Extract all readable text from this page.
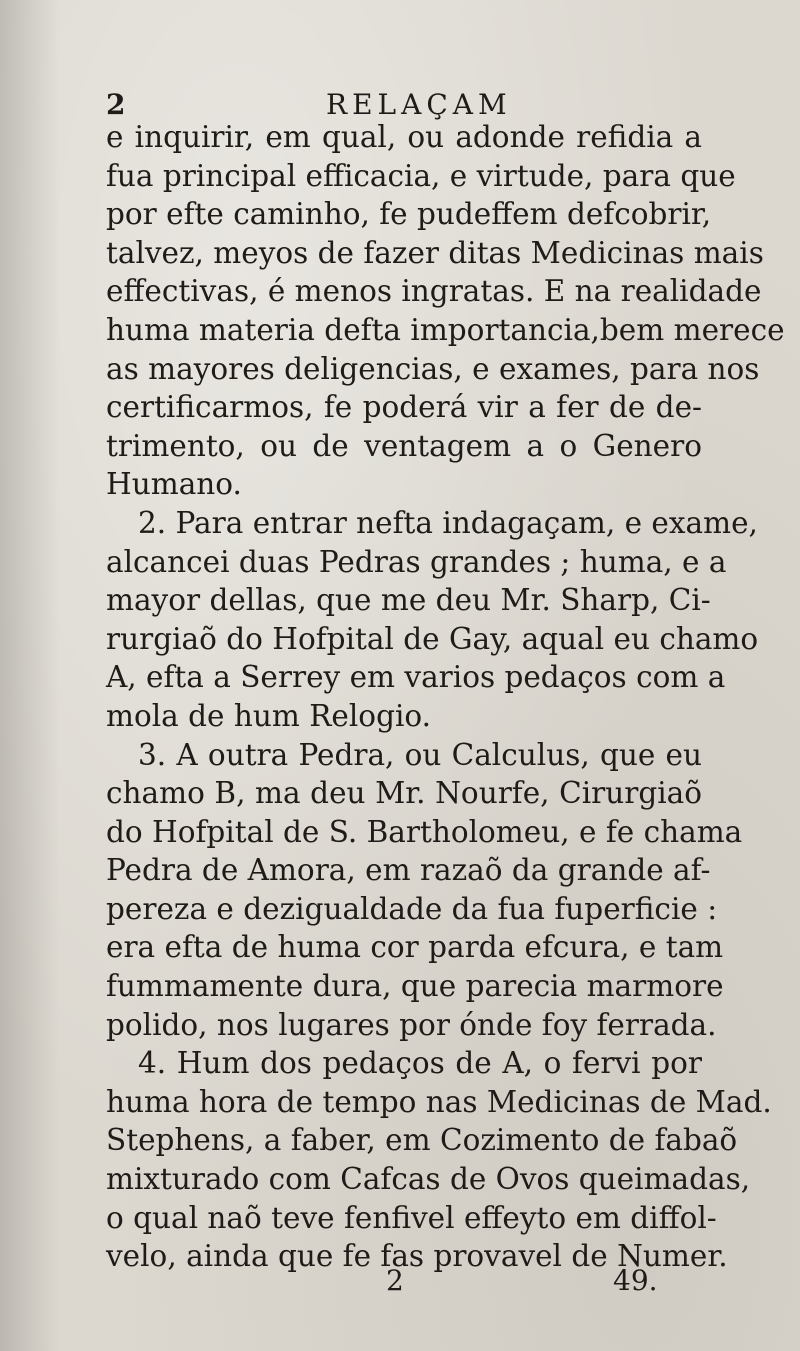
2	RELAÇAM
e inquirir, em qual, ou adonde refidia a
fua principal efficacia, e virtude, para que
por efte caminho, fe pudeffem defcobrir,
talvez, meyos de fazer ditas Medicinas mais
effectivas, é menos ingratas. E na realidade
huma materia defta importancia,bem merece
as mayores deligencias, e exames, para nos
certificarmos, fe poderá vir a fer de de-
trimento, ou de ventagem a o Genero
Humano.
2. Para entrar nefta indagaçam, e exame,
alcancei duas Pedras grandes ; huma, e a
mayor dellas, que me deu Mr. Sharp, Ci-
rurgiaõ do Hofpital de Gay, aqual eu chamo
A, efta a Serrey em varios pedaços com a
mola de hum Relogio.
3. A outra Pedra, ou Calculus, que eu
chamo B, ma deu Mr. Nourfe, Cirurgiaõ
do Hofpital de S. Bartholomeu, e fe chama
Pedra de Amora, em razaõ da grande af-
pereza e dezigualdade da fua fuperficie :
era efta de huma cor parda efcura, e tam
fummamente dura, que parecia marmore
polido, nos lugares por ónde foy ferrada.
4. Hum dos pedaços de A, o fervi por
huma hora de tempo nas Medicinas de Mad.
Stephens, a faber, em Cozimento de fabaõ
mixturado com Cafcas de Ovos queimadas,
o qual naõ teve fenfivel effeyto em diffol-
velo, ainda que fe fas provavel de Numer.
2	49.
